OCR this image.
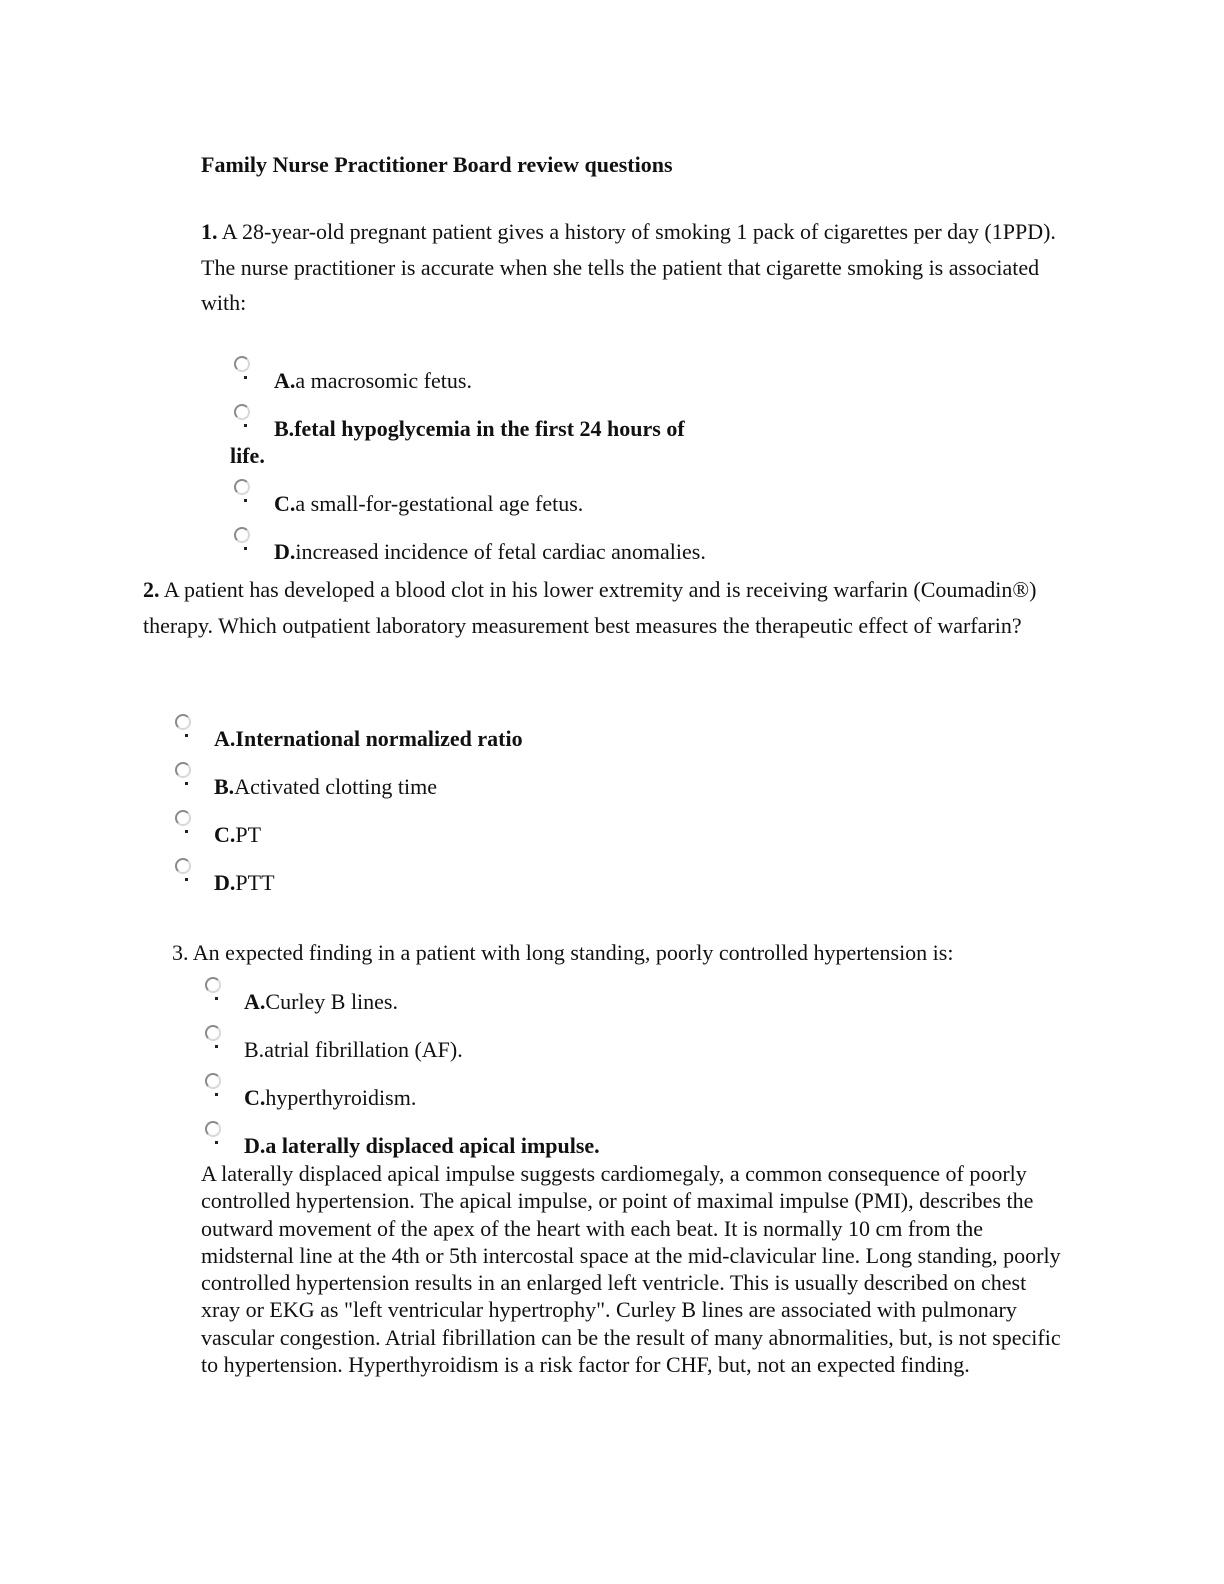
Family Nurse Practitioner Board review questions
1. A 28-year-old pregnant patient gives a history of smoking 1 pack of cigarettes per day (1PPD). The nurse practitioner is accurate when she tells the patient that cigarette smoking is associated with:
A.a macrosomic fetus.
B.fetal hypoglycemia in the first 24 hours of
life.
C.a small-for-gestational age fetus.
D.increased incidence of fetal cardiac anomalies.
2. A patient has developed a blood clot in his lower extremity and is receiving warfarin (Coumadin®) therapy. Which outpatient laboratory measurement best measures the therapeutic effect of warfarin?
A.International normalized ratio
B.Activated clotting time
C.PT
D.PTT
3. An expected finding in a patient with long standing, poorly controlled hypertension is:
A.Curley B lines.
B.atrial fibrillation (AF).
C.hyperthyroidism.
D.a laterally displaced apical impulse.
A laterally displaced apical impulse suggests cardiomegaly, a common consequence of poorly controlled hypertension. The apical impulse, or point of maximal impulse (PMI), describes the outward movement of the apex of the heart with each beat. It is normally 10 cm from the midsternal line at the 4th or 5th intercostal space at the mid-clavicular line. Long standing, poorly controlled hypertension results in an enlarged left ventricle. This is usually described on chest xray or EKG as "left ventricular hypertrophy". Curley B lines are associated with pulmonary vascular congestion. Atrial fibrillation can be the result of many abnormalities, but, is not specific to hypertension. Hyperthyroidism is a risk factor for CHF, but, not an expected finding.
